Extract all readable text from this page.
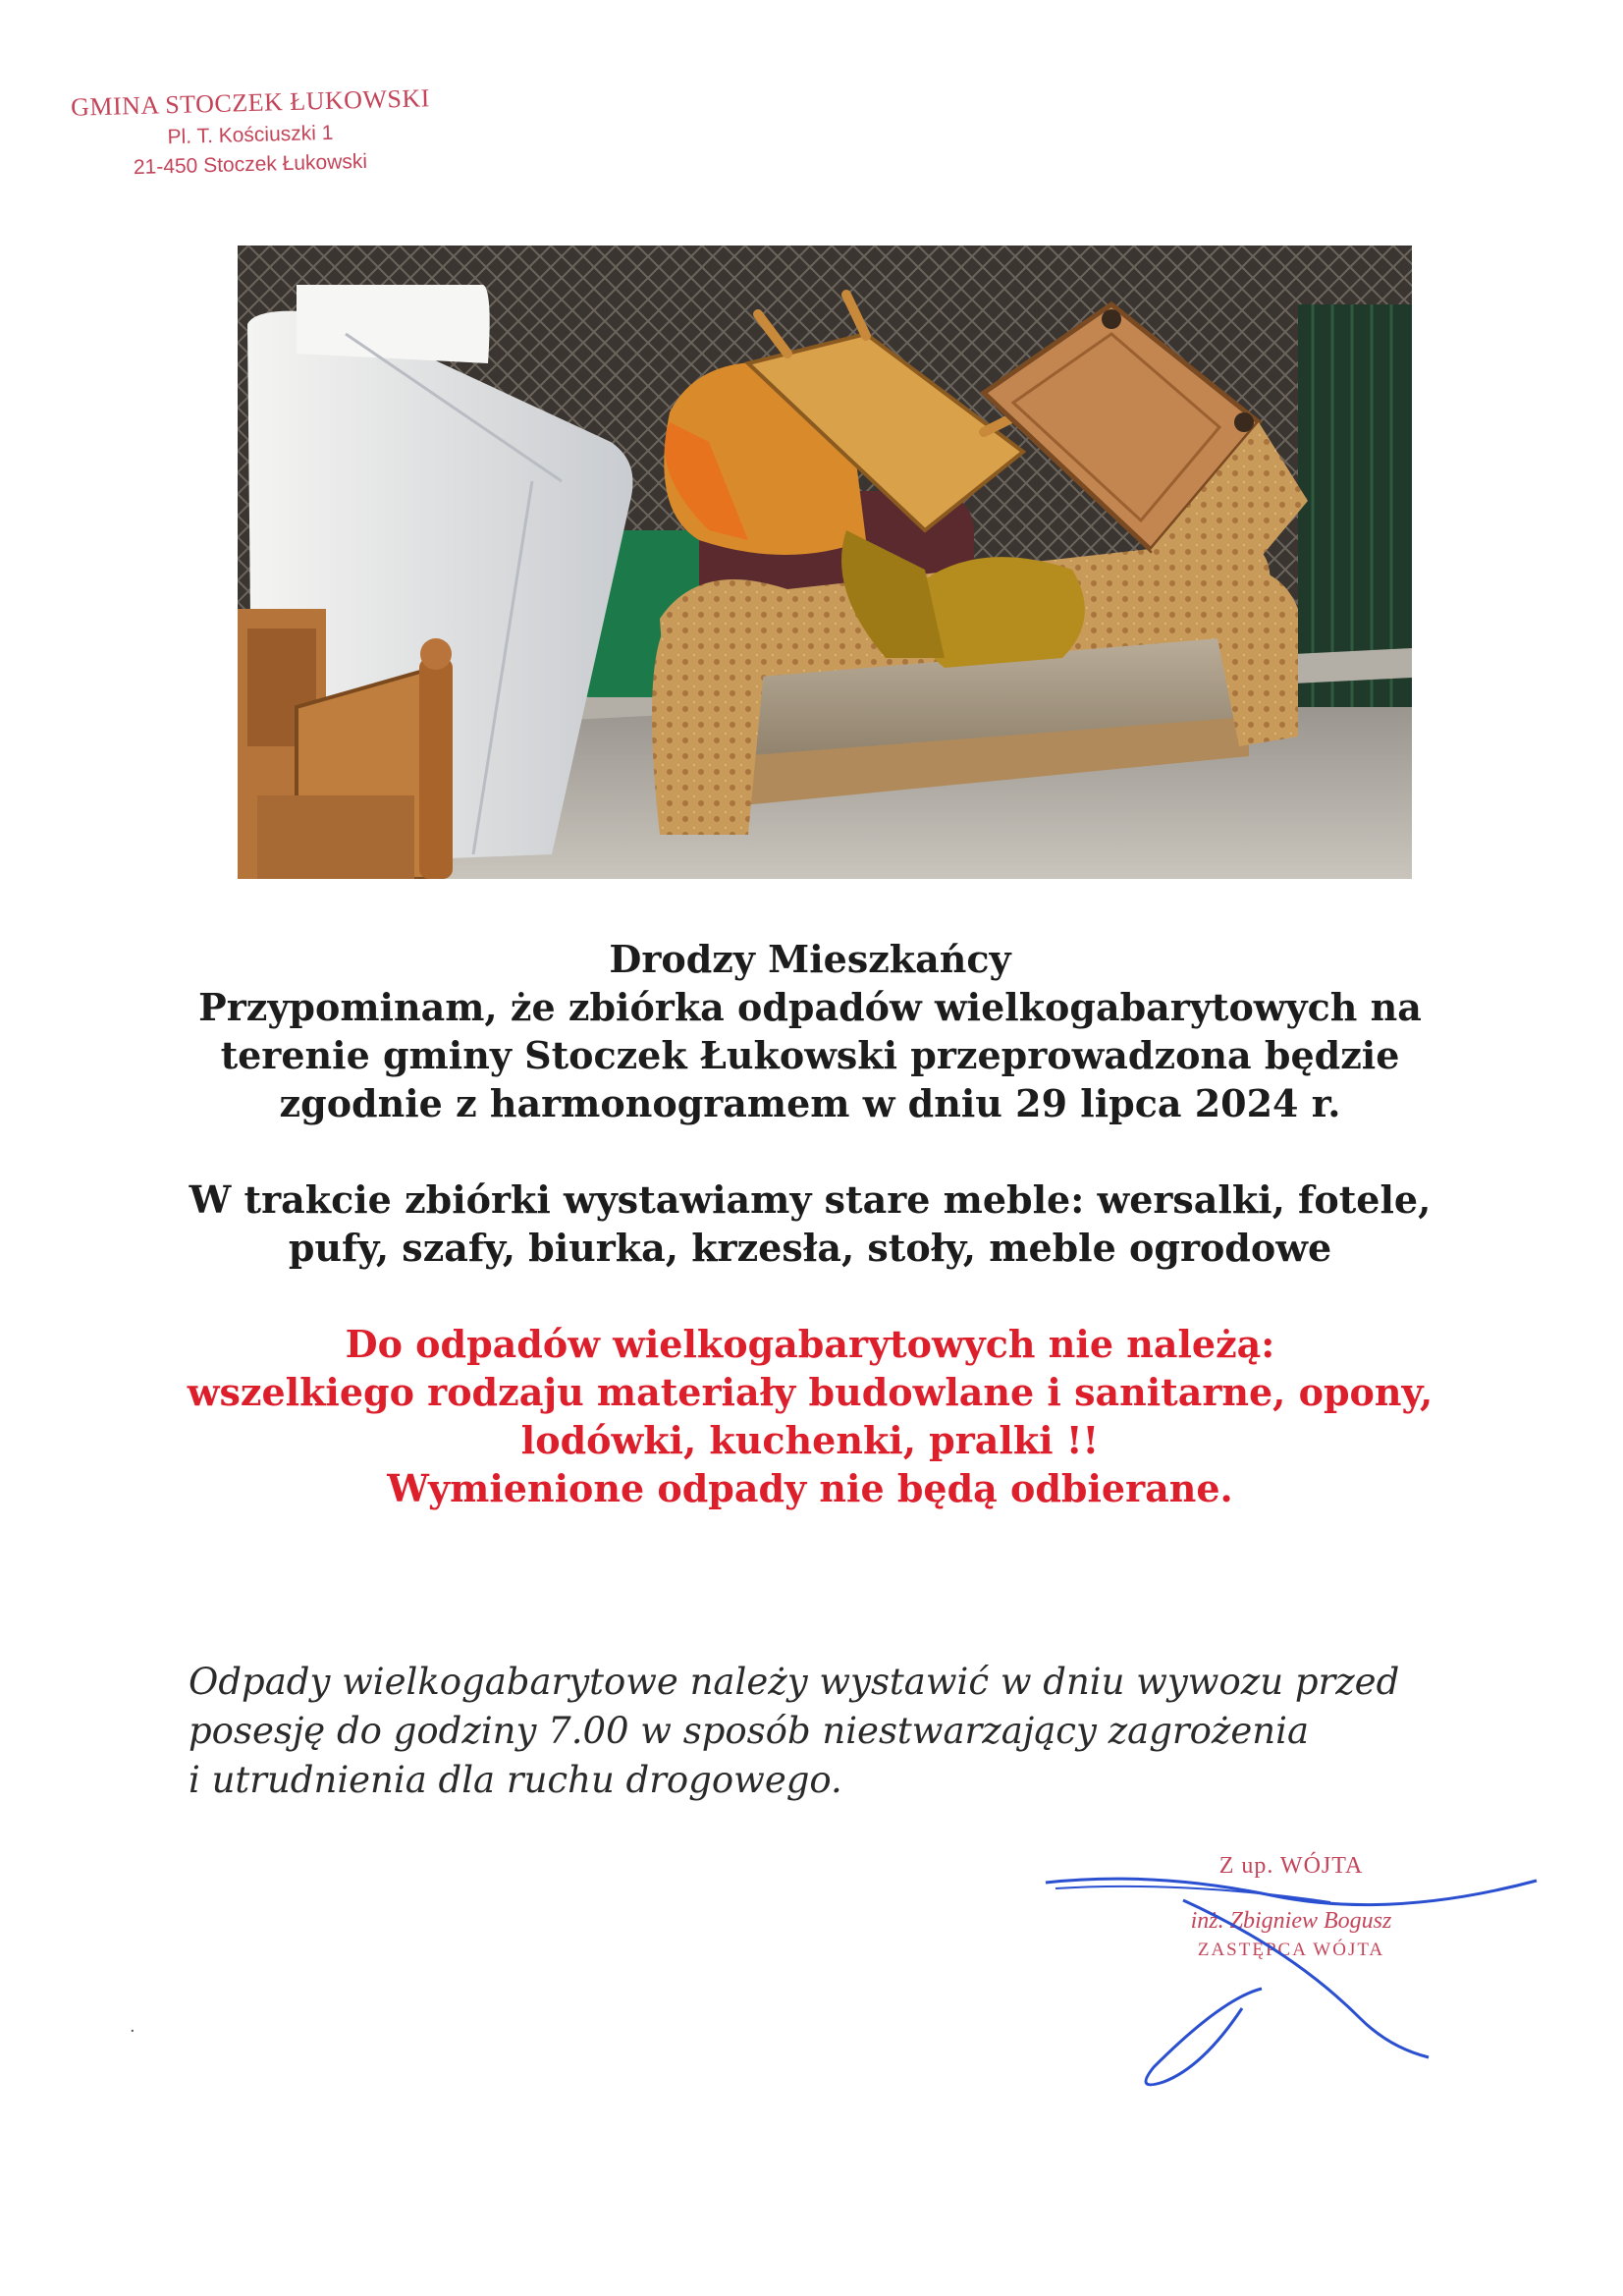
GMINA STOCZEK ŁUKOWSKI

Pl. T. Kościuszki 1

21-450 Stoczek Łukowski

Drodzy Mieszkańcy

Przypominam, że zbiórka odpadów wielkogabarytowych na

terenie gminy Stoczek Łukowski przeprowadzona będzie

zgodnie z harmonogramem w dniu 29 lipca 2024 r.

W trakcie zbiórki wystawiamy stare meble: wersalki, fotele,

pufy, szafy, biurka, krzesła, stoły, meble ogrodowe

Do odpadów wielkogabarytowych nie należą:

wszelkiego rodzaju materiały budowlane i sanitarne, opony,

lodówki, kuchenki, pralki !!

Wymienione odpady nie będą odbierane.

Odpady wielkogabarytowe należy wystawić w dniu wywozu przed

posesję do godziny 7.00 w sposób niestwarzający zagrożenia

i utrudnienia dla ruchu drogowego.

Z up. WÓJTA
inż. Zbigniew Bogusz
ZASTĘPCA WÓJTA
·
